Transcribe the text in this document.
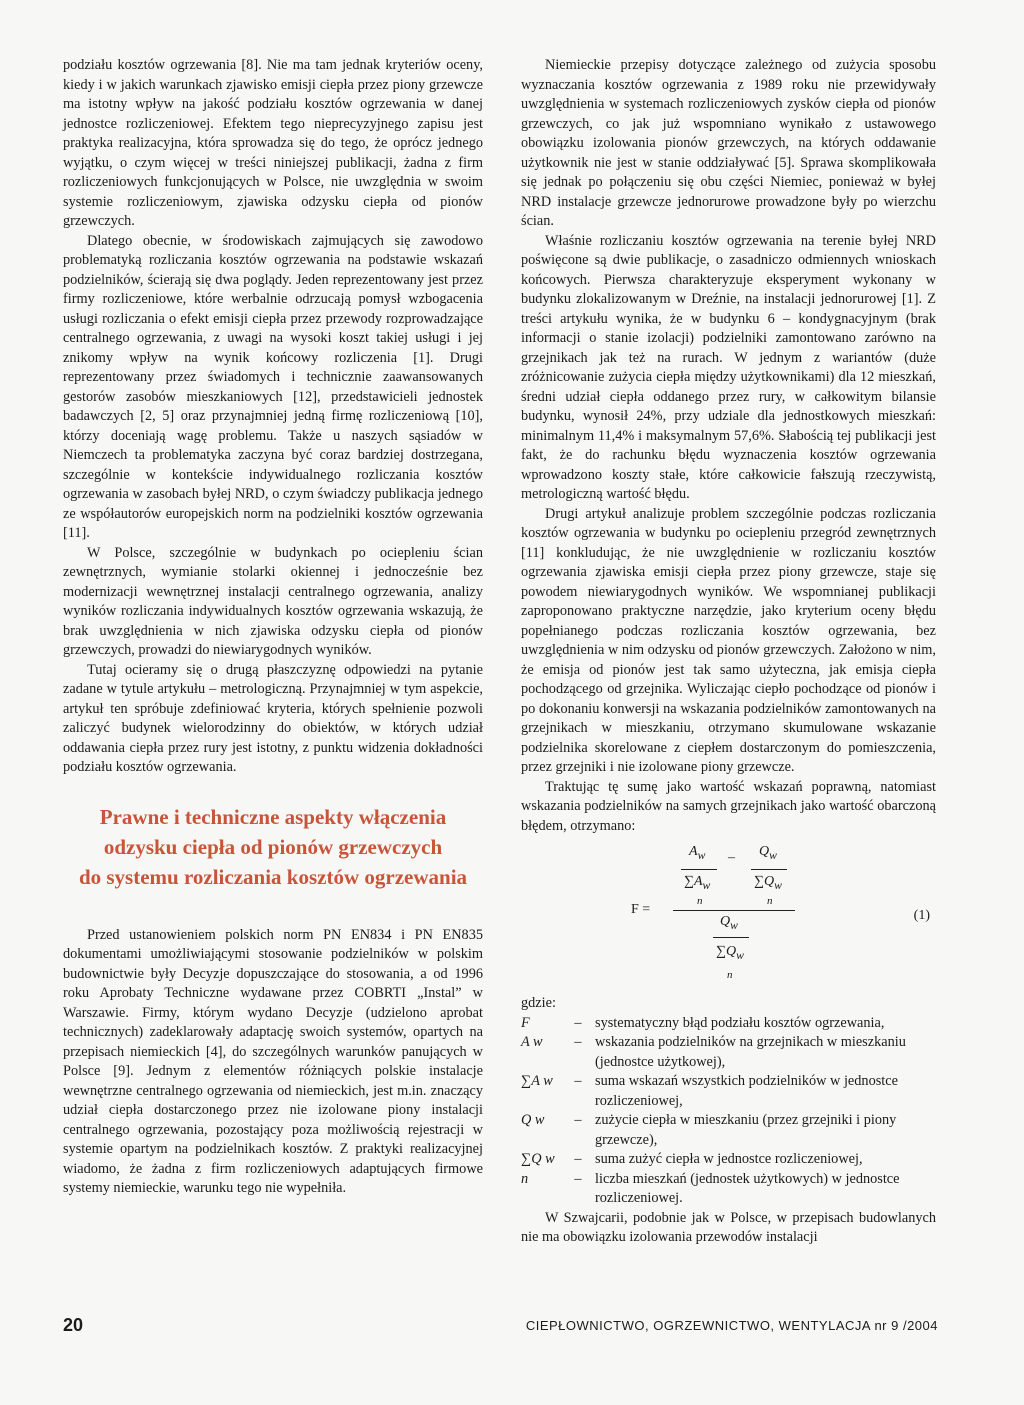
podziału kosztów ogrzewania [8]. Nie ma tam jednak kryteriów oceny, kiedy i w jakich warunkach zjawisko emisji ciepła przez piony grzewcze ma istotny wpływ na jakość podziału kosztów ogrzewania w danej jednostce rozliczeniowej. Efektem tego nieprecyzyjnego zapisu jest praktyka realizacyjna, która sprowadza się do tego, że oprócz jednego wyjątku, o czym więcej w treści niniejszej publikacji, żadna z firm rozliczeniowych funkcjonujących w Polsce, nie uwzględnia w swoim systemie rozliczeniowym, zjawiska odzysku ciepła od pionów grzewczych.

Dlatego obecnie, w środowiskach zajmujących się zawodowo problematyką rozliczania kosztów ogrzewania na podstawie wskazań podzielników, ścierają się dwa poglądy. Jeden reprezentowany jest przez firmy rozliczeniowe, które werbalnie odrzucają pomysł wzbogacenia usługi rozliczania o efekt emisji ciepła przez przewody rozprowadzające centralnego ogrzewania, z uwagi na wysoki koszt takiej usługi i jej znikomy wpływ na wynik końcowy rozliczenia [1]. Drugi reprezentowany przez świadomych i technicznie zaawansowanych gestorów zasobów mieszkaniowych [12], przedstawicieli jednostek badawczych [2, 5] oraz przynajmniej jedną firmę rozliczeniową [10], którzy doceniają wagę problemu. Także u naszych sąsiadów w Niemczech ta problematyka zaczyna być coraz bardziej dostrzegana, szczególnie w kontekście indywidualnego rozliczania kosztów ogrzewania w zasobach byłej NRD, o czym świadczy publikacja jednego ze współautorów europejskich norm na podzielniki kosztów ogrzewania [11].

W Polsce, szczególnie w budynkach po ociepleniu ścian zewnętrznych, wymianie stolarki okiennej i jednocześnie bez modernizacji wewnętrznej instalacji centralnego ogrzewania, analizy wyników rozliczania indywidualnych kosztów ogrzewania wskazują, że brak uwzględnienia w nich zjawiska odzysku ciepła od pionów grzewczych, prowadzi do niewiarygodnych wyników.

Tutaj ocieramy się o drugą płaszczyznę odpowiedzi na pytanie zadane w tytule artykułu – metrologiczną. Przynajmniej w tym aspekcie, artykuł ten spróbuje zdefiniować kryteria, których spełnienie pozwoli zaliczyć budynek wielorodzinny do obiektów, w których udział oddawania ciepła przez rury jest istotny, z punktu widzenia dokładności podziału kosztów ogrzewania.

Prawne i techniczne aspekty włączenia
odzysku ciepła od pionów grzewczych
do systemu rozliczania kosztów ogrzewania

Przed ustanowieniem polskich norm PN EN834 i PN EN835 dokumentami umożliwiającymi stosowanie podzielników w polskim budownictwie były Decyzje dopuszczające do stosowania, a od 1996 roku Aprobaty Techniczne wydawane przez COBRTI „Instal” w Warszawie. Firmy, którym wydano Decyzje (udzielono aprobat technicznych) zadeklarowały adaptację swoich systemów, opartych na przepisach niemieckich [4], do szczególnych warunków panujących w Polsce [9]. Jednym z elementów różniących polskie instalacje wewnętrzne centralnego ogrzewania od niemieckich, jest m.in. znaczący udział ciepła dostarczonego przez nie izolowane piony instalacji centralnego ogrzewania, pozostający poza możliwością rejestracji w systemie opartym na podzielnikach kosztów. Z praktyki realizacyjnej wiadomo, że żadna z firm rozliczeniowych adaptujących firmowe systemy niemieckie, warunku tego nie wypełniła.

Niemieckie przepisy dotyczące zależnego od zużycia sposobu wyznaczania kosztów ogrzewania z 1989 roku nie przewidywały uwzględnienia w systemach rozliczeniowych zysków ciepła od pionów grzewczych, co jak już wspomniano wynikało z ustawowego obowiązku izolowania pionów grzewczych, na których oddawanie użytkownik nie jest w stanie oddziaływać [5]. Sprawa skomplikowała się jednak po połączeniu się obu części Niemiec, ponieważ w byłej NRD instalacje grzewcze jednorurowe prowadzone były po wierzchu ścian.

Właśnie rozliczaniu kosztów ogrzewania na terenie byłej NRD poświęcone są dwie publikacje, o zasadniczo odmiennych wnioskach końcowych. Pierwsza charakteryzuje eksperyment wykonany w budynku zlokalizowanym w Dreźnie, na instalacji jednorurowej [1]. Z treści artykułu wynika, że w budynku 6 – kondygnacyjnym (brak informacji o stanie izolacji) podzielniki zamontowano zarówno na grzejnikach jak też na rurach. W jednym z wariantów (duże zróżnicowanie zużycia ciepła między użytkownikami) dla 12 mieszkań, średni udział ciepła oddanego przez rury, w całkowitym bilansie budynku, wynosił 24%, przy udziale dla jednostkowych mieszkań: minimalnym 11,4% i maksymalnym 57,6%. Słabością tej publikacji jest fakt, że do rachunku błędu wyznaczenia kosztów ogrzewania wprowadzono koszty stałe, które całkowicie fałszują rzeczywistą, metrologiczną wartość błędu.

Drugi artykuł analizuje problem szczególnie podczas rozliczania kosztów ogrzewania w budynku po ociepleniu przegród zewnętrznych [11] konkludując, że nie uwzględnienie w rozliczaniu kosztów ogrzewania zjawiska emisji ciepła przez piony grzewcze, staje się powodem niewiarygodnych wyników. We wspomnianej publikacji zaproponowano praktyczne narzędzie, jako kryterium oceny błędu popełnianego podczas rozliczania kosztów ogrzewania, bez uwzględnienia w nim odzysku od pionów grzewczych. Założono w nim, że emisja od pionów jest tak samo użyteczna, jak emisja ciepła pochodzącego od grzejnika. Wyliczając ciepło pochodzące od pionów i po dokonaniu konwersji na wskazania podzielników zamontowanych na grzejnikach w mieszkaniu, otrzymano skumulowane wskazanie podzielnika skorelowane z ciepłem dostarczonym do pomieszczenia, przez grzejniki i nie izolowane piony grzewcze.

Traktując tę sumę jako wartość wskazań poprawną, natomiast wskazania podzielników na samych grzejnikach jako wartość obarczoną błędem, otrzymano:

$A_w - Q_w$
$\sum A_w$	$\sum Q_w$
F =
n	n
$Q_w$
$\sum Q_w$
n
(1)

gdzie:

F	– systematyczny błąd podziału kosztów ogrzewania,
A w	– wskazania podzielników na grzejnikach w mieszkaniu (jednostce użytkowej),
∑A w	– suma wskazań wszystkich podzielników w jednostce rozliczeniowej,
Q w	– zużycie ciepła w mieszkaniu (przez grzejniki i piony grzewcze),
∑Q w	– suma zużyć ciepła w jednostce rozliczeniowej,
n	– liczba mieszkań (jednostek użytkowych) w jednostce rozliczeniowej.

W Szwajcarii, podobnie jak w Polsce, w przepisach budowlanych nie ma obowiązku izolowania przewodów instalacji

20	CIEPŁOWNICTWO, OGRZEWNICTWO, WENTYLACJA nr 9 /2004
